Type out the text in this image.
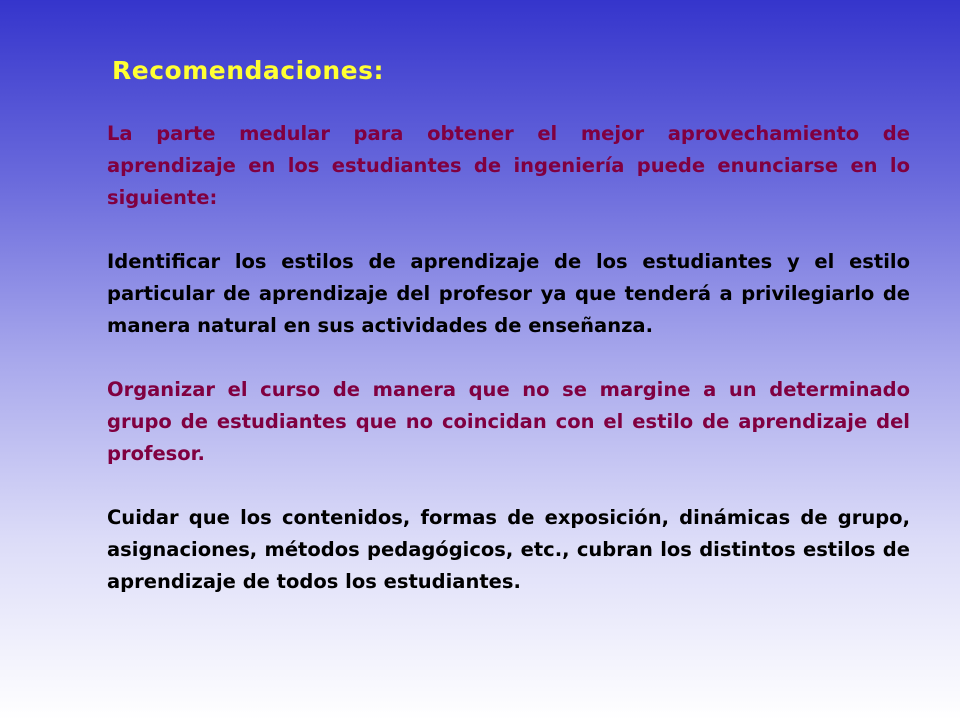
Recomendaciones:

La parte medular para obtener el mejor aprovechamiento de aprendizaje en los estudiantes de ingeniería puede enunciarse en lo siguiente:

Identificar los estilos de aprendizaje de los estudiantes y el estilo particular de aprendizaje del profesor ya que tenderá a privilegiarlo de manera natural en sus actividades de enseñanza.

Organizar el curso de manera que no se margine a un determinado grupo de estudiantes que no coincidan con el estilo de aprendizaje del profesor.

Cuidar que los contenidos, formas de exposición, dinámicas de grupo, asignaciones, métodos pedagógicos, etc., cubran los distintos estilos de aprendizaje de todos los estudiantes.
